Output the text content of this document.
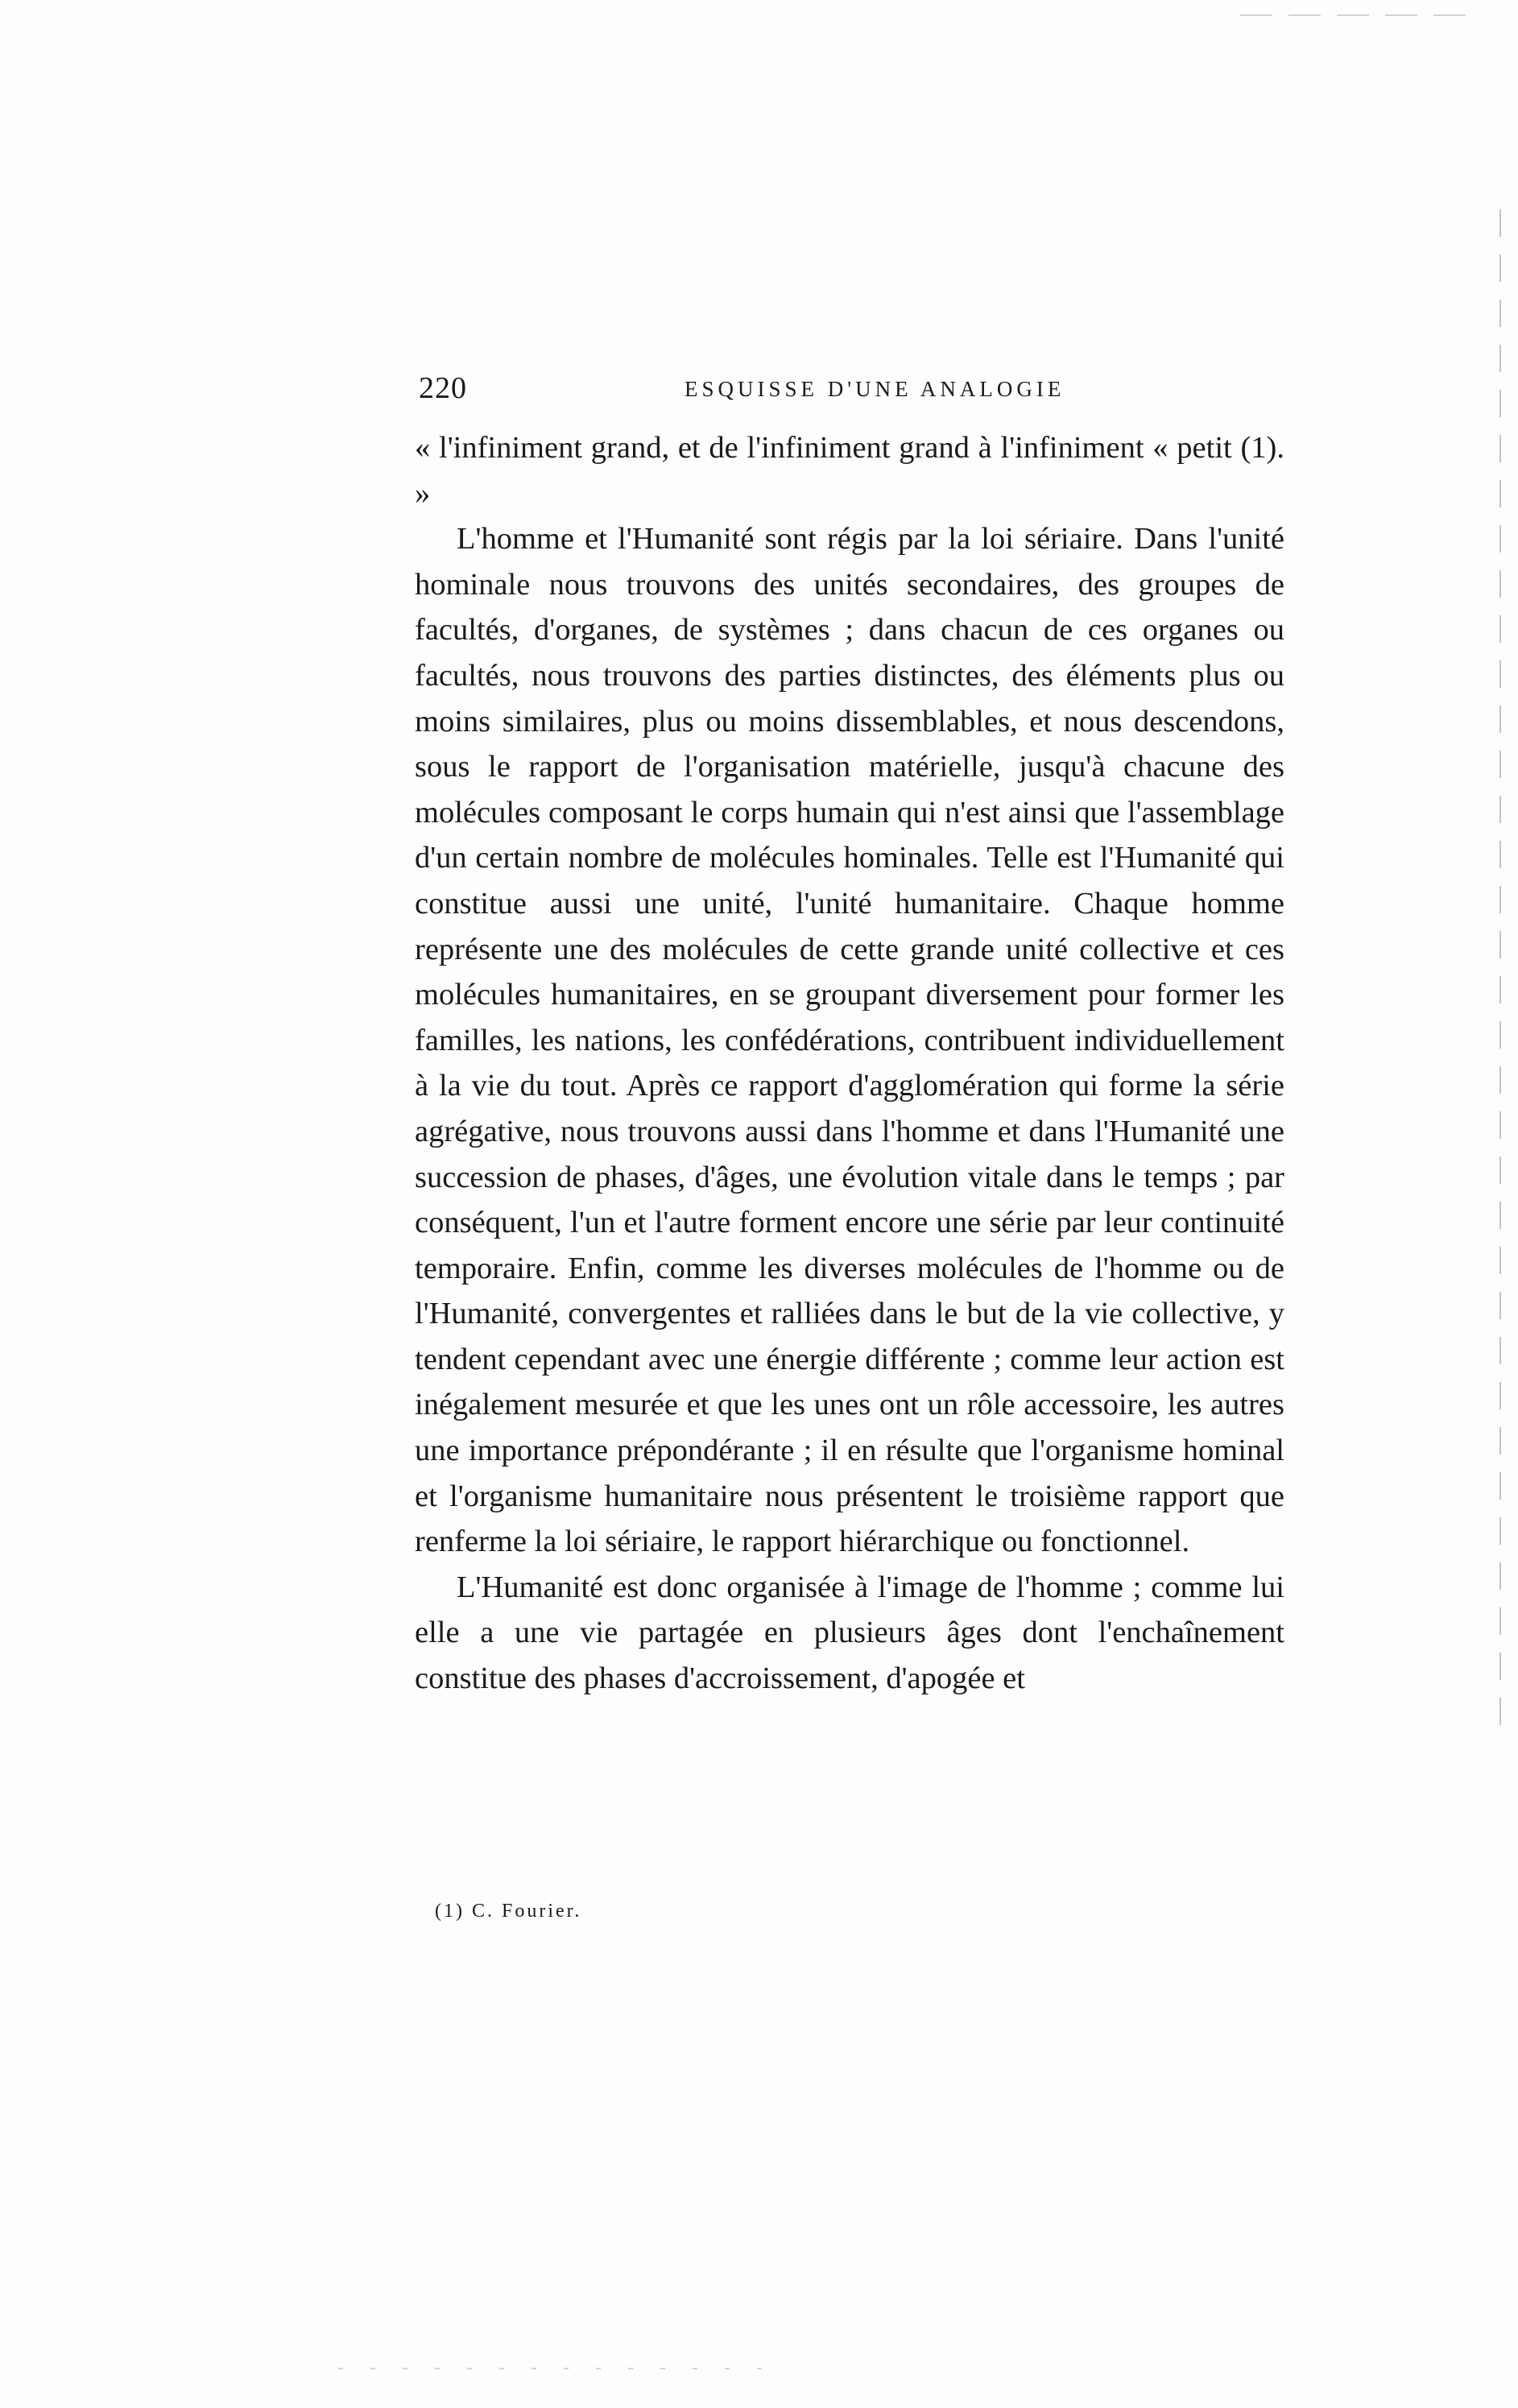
220	ESQUISSE D'UNE ANALOGIE

« l'infiniment grand, et de l'infiniment grand à l'infiniment « petit (1). »

L'homme et l'Humanité sont régis par la loi sériaire. Dans l'unité hominale nous trouvons des unités secondaires, des groupes de facultés, d'organes, de systèmes ; dans chacun de ces organes ou facultés, nous trouvons des parties distinctes, des éléments plus ou moins similaires, plus ou moins dissemblables, et nous descendons, sous le rapport de l'organisation matérielle, jusqu'à chacune des molécules composant le corps humain qui n'est ainsi que l'assemblage d'un certain nombre de molécules hominales. Telle est l'Humanité qui constitue aussi une unité, l'unité humanitaire. Chaque homme représente une des molécules de cette grande unité collective et ces molécules humanitaires, en se groupant diversement pour former les familles, les nations, les confédérations, contribuent individuellement à la vie du tout. Après ce rapport d'agglomération qui forme la série agrégative, nous trouvons aussi dans l'homme et dans l'Humanité une succession de phases, d'âges, une évolution vitale dans le temps ; par conséquent, l'un et l'autre forment encore une série par leur continuité temporaire. Enfin, comme les diverses molécules de l'homme ou de l'Humanité, convergentes et ralliées dans le but de la vie collective, y tendent cependant avec une énergie différente ; comme leur action est inégalement mesurée et que les unes ont un rôle accessoire, les autres une importance prépondérante ; il en résulte que l'organisme hominal et l'organisme humanitaire nous présentent le troisième rapport que renferme la loi sériaire, le rapport hiérarchique ou fonctionnel.

L'Humanité est donc organisée à l'image de l'homme ; comme lui elle a une vie partagée en plusieurs âges dont l'enchaînement constitue des phases d'accroissement, d'apogée et

(1) C. Fourier.
